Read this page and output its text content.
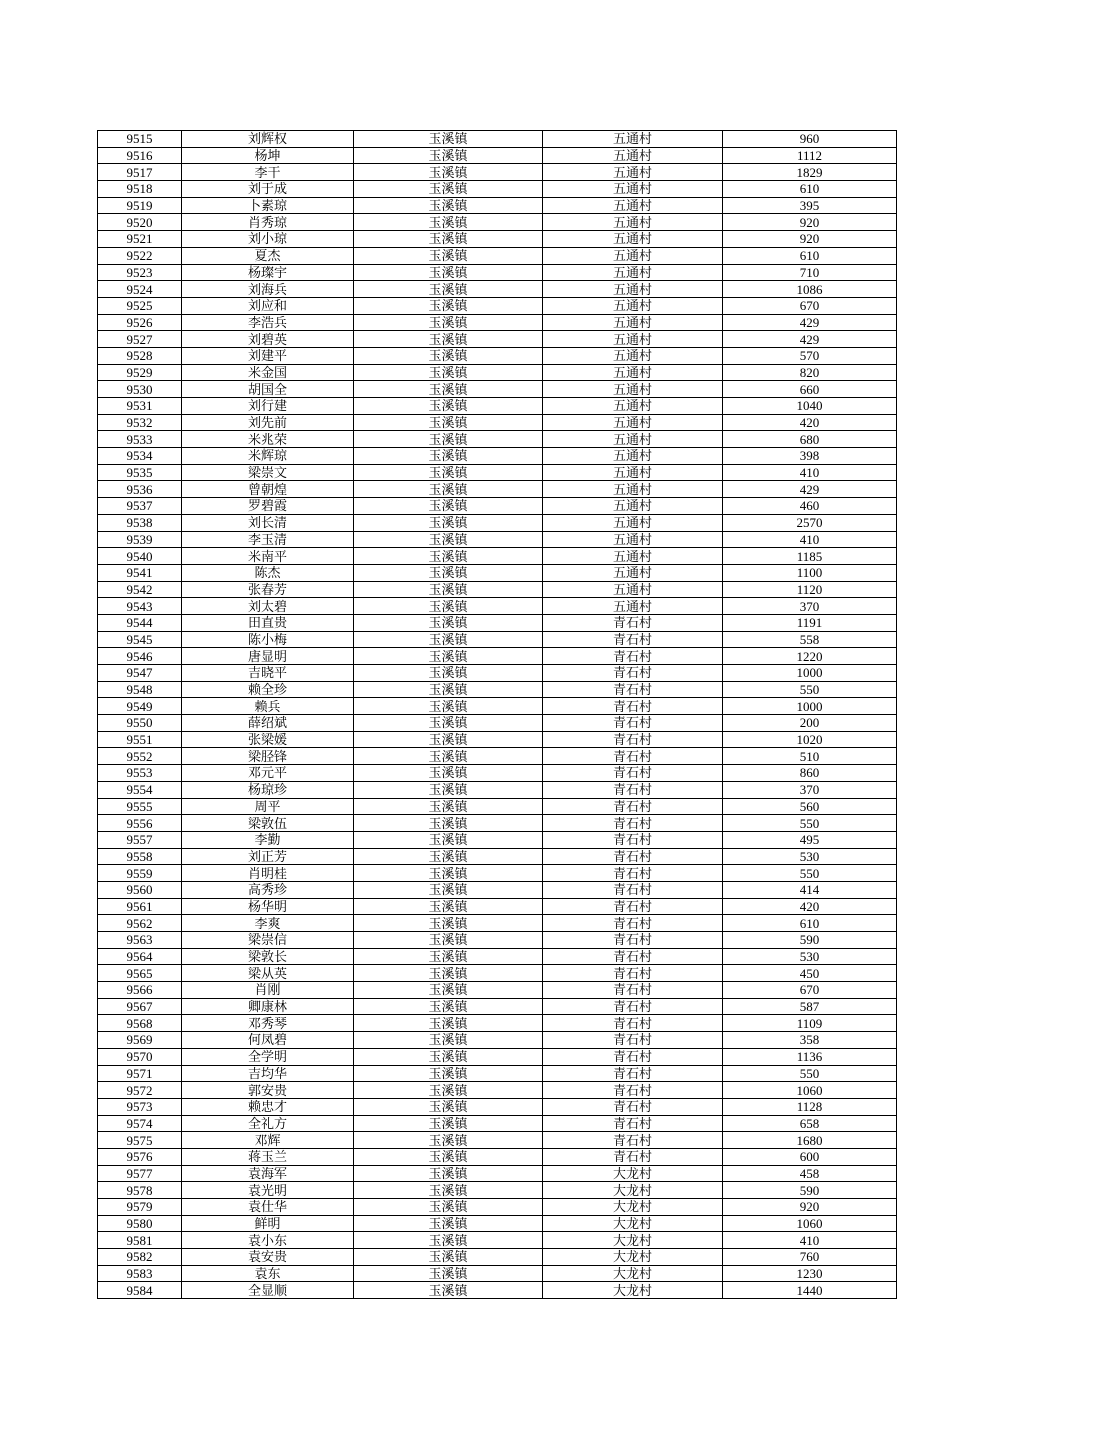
9515	刘辉权	玉溪镇	五通村	960
9516	杨坤	玉溪镇	五通村	1112
9517	李干	玉溪镇	五通村	1829
9518	刘于成	玉溪镇	五通村	610
9519	卜素琼	玉溪镇	五通村	395
9520	肖秀琼	玉溪镇	五通村	920
9521	刘小琼	玉溪镇	五通村	920
9522	夏杰	玉溪镇	五通村	610
9523	杨璨宇	玉溪镇	五通村	710
9524	刘海兵	玉溪镇	五通村	1086
9525	刘应和	玉溪镇	五通村	670
9526	李浩兵	玉溪镇	五通村	429
9527	刘碧英	玉溪镇	五通村	429
9528	刘建平	玉溪镇	五通村	570
9529	米金国	玉溪镇	五通村	820
9530	胡国全	玉溪镇	五通村	660
9531	刘行建	玉溪镇	五通村	1040
9532	刘先前	玉溪镇	五通村	420
9533	米兆荣	玉溪镇	五通村	680
9534	米辉琼	玉溪镇	五通村	398
9535	梁崇文	玉溪镇	五通村	410
9536	曾朝煌	玉溪镇	五通村	429
9537	罗碧霞	玉溪镇	五通村	460
9538	刘长清	玉溪镇	五通村	2570
9539	李玉清	玉溪镇	五通村	410
9540	米南平	玉溪镇	五通村	1185
9541	陈杰	玉溪镇	五通村	1100
9542	张春芳	玉溪镇	五通村	1120
9543	刘太碧	玉溪镇	五通村	370
9544	田直贵	玉溪镇	青石村	1191
9545	陈小梅	玉溪镇	青石村	558
9546	唐显明	玉溪镇	青石村	1220
9547	吉晓平	玉溪镇	青石村	1000
9548	赖全珍	玉溪镇	青石村	550
9549	赖兵	玉溪镇	青石村	1000
9550	薛绍斌	玉溪镇	青石村	200
9551	张梁媛	玉溪镇	青石村	1020
9552	梁胫锋	玉溪镇	青石村	510
9553	邓元平	玉溪镇	青石村	860
9554	杨琼珍	玉溪镇	青石村	370
9555	周平	玉溪镇	青石村	560
9556	梁敦伍	玉溪镇	青石村	550
9557	李勤	玉溪镇	青石村	495
9558	刘正芳	玉溪镇	青石村	530
9559	肖明桂	玉溪镇	青石村	550
9560	高秀珍	玉溪镇	青石村	414
9561	杨华明	玉溪镇	青石村	420
9562	李爽	玉溪镇	青石村	610
9563	梁崇信	玉溪镇	青石村	590
9564	梁敦长	玉溪镇	青石村	530
9565	梁从英	玉溪镇	青石村	450
9566	肖刚	玉溪镇	青石村	670
9567	卿康林	玉溪镇	青石村	587
9568	邓秀琴	玉溪镇	青石村	1109
9569	何凤碧	玉溪镇	青石村	358
9570	全学明	玉溪镇	青石村	1136
9571	吉均华	玉溪镇	青石村	550
9572	郭安贵	玉溪镇	青石村	1060
9573	赖忠才	玉溪镇	青石村	1128
9574	全礼方	玉溪镇	青石村	658
9575	邓辉	玉溪镇	青石村	1680
9576	蒋玉兰	玉溪镇	青石村	600
9577	袁海军	玉溪镇	大龙村	458
9578	袁光明	玉溪镇	大龙村	590
9579	袁仕华	玉溪镇	大龙村	920
9580	鲜明	玉溪镇	大龙村	1060
9581	袁小东	玉溪镇	大龙村	410
9582	袁安贵	玉溪镇	大龙村	760
9583	袁东	玉溪镇	大龙村	1230
9584	全显顺	玉溪镇	大龙村	1440
